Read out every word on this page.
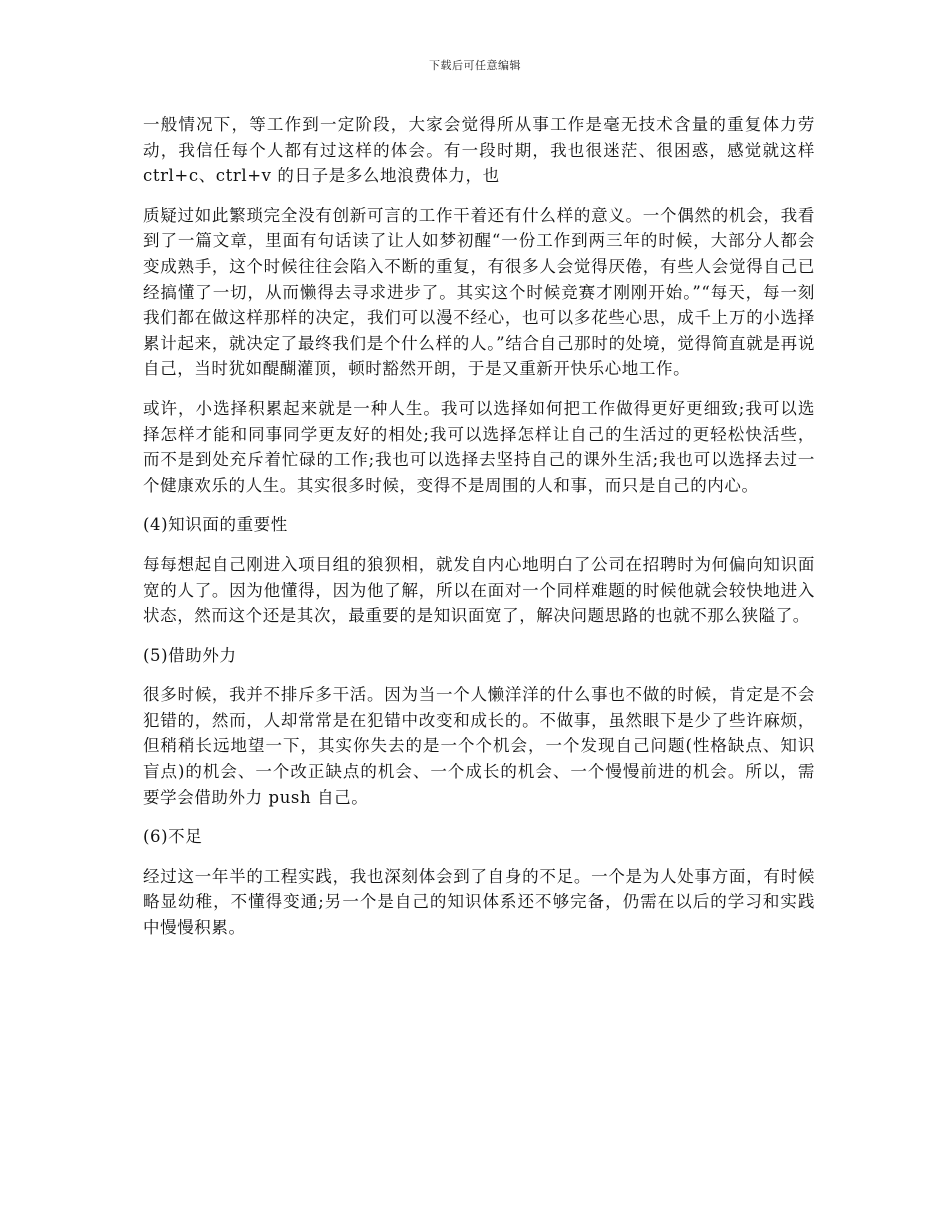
下载后可任意编辑

一般情况下，等工作到一定阶段，大家会觉得所从事工作是毫无技术含量的重复体力劳动，我信任每个人都有过这样的体会。有一段时期，我也很迷茫、很困惑，感觉就这样 ctrl+c、ctrl+v 的日子是多么地浪费体力，也

质疑过如此繁琐完全没有创新可言的工作干着还有什么样的意义。一个偶然的机会，我看到了一篇文章，里面有句话读了让人如梦初醒“一份工作到两三年的时候，大部分人都会变成熟手，这个时候往往会陷入不断的重复，有很多人会觉得厌倦，有些人会觉得自己已经搞懂了一切，从而懒得去寻求进步了。其实这个时候竞赛才刚刚开始。”“每天，每一刻我们都在做这样那样的决定，我们可以漫不经心，也可以多花些心思，成千上万的小选择累计起来，就决定了最终我们是个什么样的人。”结合自己那时的处境，觉得简直就是再说自己，当时犹如醍醐灌顶，顿时豁然开朗，于是又重新开快乐心地工作。

或许，小选择积累起来就是一种人生。我可以选择如何把工作做得更好更细致;我可以选择怎样才能和同事同学更友好的相处;我可以选择怎样让自己的生活过的更轻松快活些，而不是到处充斥着忙碌的工作;我也可以选择去坚持自己的课外生活;我也可以选择去过一个健康欢乐的人生。其实很多时候，变得不是周围的人和事，而只是自己的内心。

(4)知识面的重要性

每每想起自己刚进入项目组的狼狈相，就发自内心地明白了公司在招聘时为何偏向知识面宽的人了。因为他懂得，因为他了解，所以在面对一个同样难题的时候他就会较快地进入状态，然而这个还是其次，最重要的是知识面宽了，解决问题思路的也就不那么狭隘了。

(5)借助外力

很多时候，我并不排斥多干活。因为当一个人懒洋洋的什么事也不做的时候，肯定是不会犯错的，然而，人却常常是在犯错中改变和成长的。不做事，虽然眼下是少了些许麻烦，但稍稍长远地望一下，其实你失去的是一个个机会，一个发现自己问题(性格缺点、知识盲点)的机会、一个改正缺点的机会、一个成长的机会、一个慢慢前进的机会。所以，需要学会借助外力 push 自己。

(6)不足

经过这一年半的工程实践，我也深刻体会到了自身的不足。一个是为人处事方面，有时候略显幼稚，不懂得变通;另一个是自己的知识体系还不够完备，仍需在以后的学习和实践中慢慢积累。
